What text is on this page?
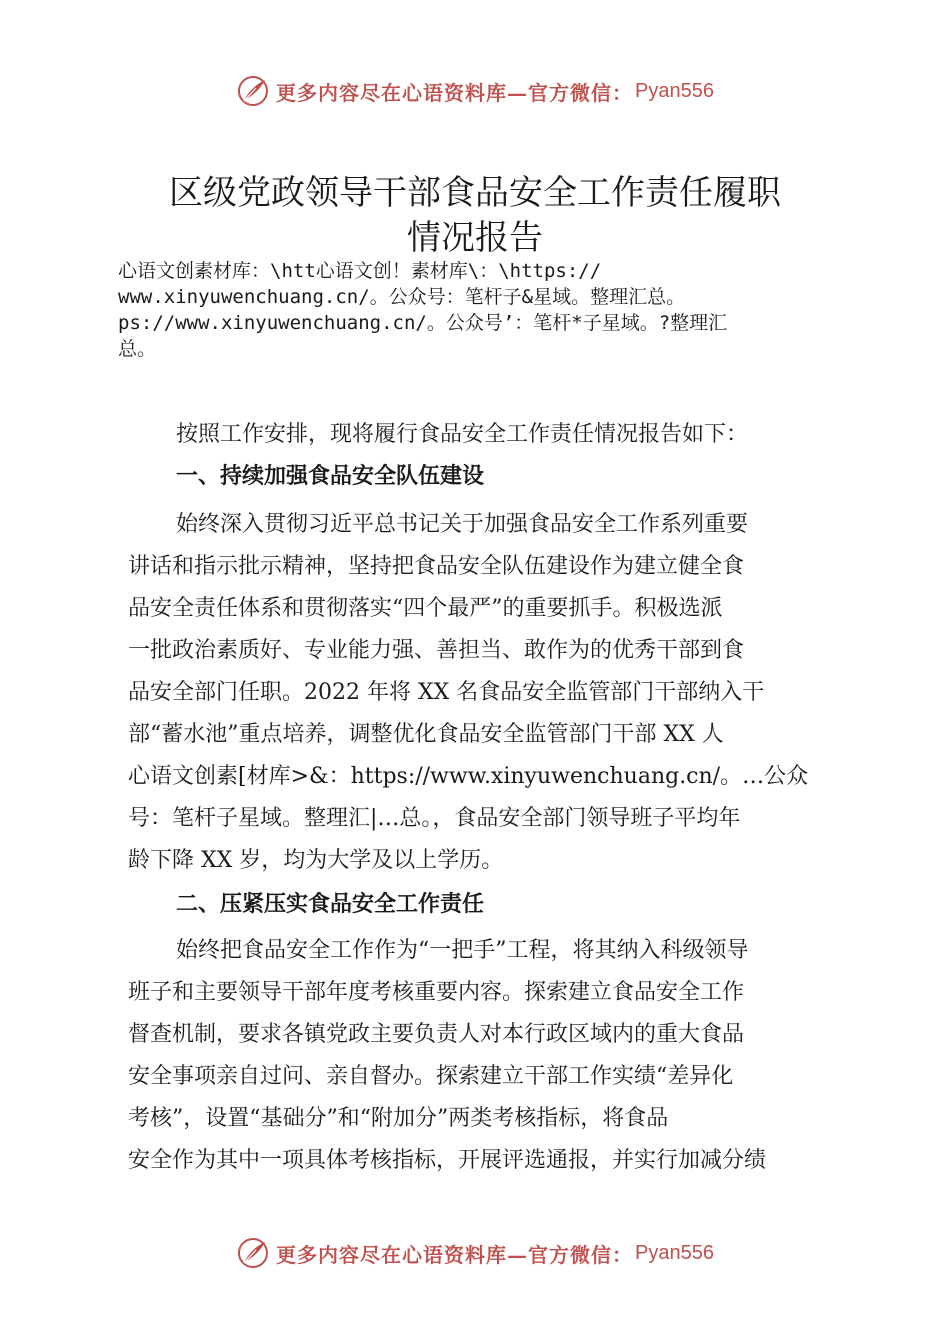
更多内容尽在心语资料库—官方微信： Pyan556
区级党政领导干部食品安全工作责任履职
情况报告
心语文创素材库：\htt心语文创！素材库\：\https://
www.xinyuwenchuang.cn/。公众号：笔杆子&星域。整理汇总。
ps://www.xinyuwenchuang.cn/。公众号’：笔杆*子星域。?整理汇
总。
按照工作安排，现将履行食品安全工作责任情况报告如下：
一、持续加强食品安全队伍建设
始终深入贯彻习近平总书记关于加强食品安全工作系列重要
讲话和指示批示精神，坚持把食品安全队伍建设作为建立健全食
品安全责任体系和贯彻落实“四个最严”的重要抓手。积极选派
一批政治素质好、专业能力强、善担当、敢作为的优秀干部到食
品安全部门任职。2022 年将 XX 名食品安全监管部门干部纳入干
部“蓄水池”重点培养，调整优化食品安全监管部门干部 XX 人
心语文创素[材库>&：https://www.xinyuwenchuang.cn/。…公众
号：笔杆子星域。整理汇|…总。，食品安全部门领导班子平均年
龄下降 XX 岁，均为大学及以上学历。
二、压紧压实食品安全工作责任
始终把食品安全工作作为“一把手”工程，将其纳入科级领导
班子和主要领导干部年度考核重要内容。探索建立食品安全工作
督查机制，要求各镇党政主要负责人对本行政区域内的重大食品
安全事项亲自过问、亲自督办。探索建立干部工作实绩“差异化
考核”，设置“基础分”和“附加分”两类考核指标，将食品
安全作为其中一项具体考核指标，开展评选通报，并实行加减分绩
更多内容尽在心语资料库—官方微信： Pyan556
